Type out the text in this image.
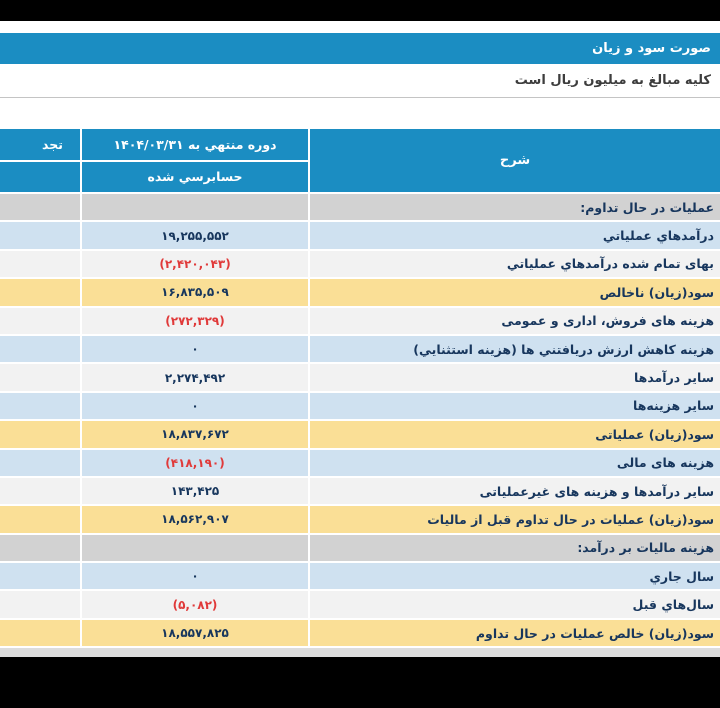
صورت سود و زیان
كليه مبالغ به ميليون ريال است
شرح
دوره منتهي به ۱۴۰۴/۰۳/۳۱
حسابرسي شده
تجد
عمليات در حال تداوم:
درآمدهاي عملياتي
۱۹,۲۵۵,۵۵۲
بهای تمام شده درآمدهاي عملياتي
(۲,۴۲۰,۰۴۳)
سود(زيان) ناخالص
۱۶,۸۳۵,۵۰۹
هزینه های فروش، اداری و عمومی
(۲۷۲,۳۲۹)
هزينه كاهش ارزش دريافتني ها (هزينه استثنايي)
۰
ساير درآمدها
۲,۲۷۴,۴۹۲
ساير هزينه‌ها
۰
سود(زيان) عملیاتی
۱۸,۸۳۷,۶۷۲
هزینه های مالی
(۴۱۸,۱۹۰)
سایر درآمدها و هزینه های غیرعملیاتی
۱۴۳,۴۲۵
سود(زيان) عمليات در حال تداوم قبل از ماليات
۱۸,۵۶۲,۹۰۷
هزينه ماليات بر درآمد:
سال جاري
۰
سال‌هاي قبل
(۵,۰۸۲)
سود(زيان) خالص عمليات در حال تداوم
۱۸,۵۵۷,۸۲۵
